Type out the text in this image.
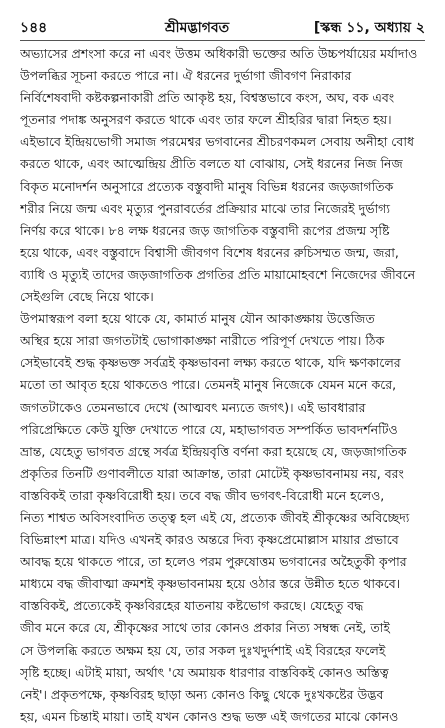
১৪৪	শ্রীমদ্ভাগবত	[স্কন্ধ ১১, অধ্যায় ২
অভ্যাসের প্রশংসা করে না এবং উত্তম অধিকারী ভক্তের অতি উচ্চপর্যায়ের মর্যাদাও
উপলব্ধির সূচনা করতে পারে না। ঐ ধরনের দুর্ভাগা জীবগণ নিরাকার
নির্বিশেষবাদী কষ্টকল্পনাকারী প্রতি আকৃষ্ট হয়, বিশ্বস্তভাবে কংস, অঘ, বক এবং
পূতনার পদাঙ্ক অনুসরণ করতে থাকে এবং তার ফলে শ্রীহরির দ্বারা নিহত হয়।
এইভাবে ইন্দ্রিয়ভোগী সমাজ পরমেশ্বর ভগবানের শ্রীচরণকমল সেবায় অনীহা বোধ
করতে থাকে, এবং আত্মেন্দ্রিয় প্রীতি বলতে যা বোঝায়, সেই ধরনের নিজ নিজ
বিকৃত মনোদর্শন অনুসারে প্রত্যেক বস্তুবাদী মানুষ বিভিন্ন ধরনের জড়জাগতিক
শরীর নিয়ে জন্ম এবং মৃত্যুর পুনরাবর্তের প্রক্রিয়ার মাঝে তার নিজেরই দুর্ভাগ্য
নির্ণয় করে থাকে। ৮৪ লক্ষ ধরনের জড় জাগতিক বস্তুবাদী রূপের প্রজন্ম সৃষ্টি
হয়ে থাকে, এবং বস্তুবাদে বিশ্বাসী জীবগণ বিশেষ ধরনের রুচিসম্মত জন্ম, জরা,
ব্যাধি ও মৃত্যুই তাদের জড়জাগতিক প্রগতির প্রতি মায়ামোহবশে নিজেদের জীবনে
সেইগুলি বেছে নিয়ে থাকে।
উপমাস্বরূপ বলা হয়ে থাকে যে, কামার্ত মানুষ যৌন আকাঙ্ক্ষায় উত্তেজিত
অস্থির হয়ে সারা জগতটাই ভোগাকাঙ্ক্ষা নারীতে পরিপূর্ণ দেখতে পায়। ঠিক
সেইভাবেই শুদ্ধ কৃষ্ণভক্ত সর্বত্রই কৃষ্ণভাবনা লক্ষ্য করতে থাকে, যদি ক্ষণকালের
মতো তা আবৃত হয়ে থাকতেও পারে। তেমনই মানুষ নিজেকে যেমন মনে করে,
জগতটাকেও তেমনভাবে দেখে (আত্মবৎ মন্যতে জগৎ)। এই ভাবধারার
পরিপ্রেক্ষিতে কেউ যুক্তি দেখাতে পারে যে, মহাভাগবত সম্পর্কিত ভাবদর্শনটিও
ভ্রান্ত, যেহেতু ভাগবত গ্রন্থে সর্বত্র ইন্দ্রিয়বৃত্তি বর্ণনা করা হয়েছে যে, জড়জাগতিক
প্রকৃতির তিনটি গুণাবলীতে যারা আক্রান্ত, তারা মোটেই কৃষ্ণভাবনাময় নয়, বরং
বাস্তবিকই তারা কৃষ্ণবিরোধী হয়। তবে বদ্ধ জীব ভগবৎ-বিরোধী মনে হলেও,
নিত্য শাশ্বত অবিসংবাদিত তত্ত্ব হল এই যে, প্রত্যেক জীবই শ্রীকৃষ্ণের অবিচ্ছেদ্য
বিভিন্নাংশ মাত্র। যদিও এখনই কারও অন্তরে দিব্য কৃষ্ণপ্রেমোল্লাস মায়ার প্রভাবে
আবদ্ধ হয়ে থাকতে পারে, তা হলেও পরম পুরুষোত্তম ভগবানের অহৈতুকী কৃপার
মাধ্যমে বদ্ধ জীবাত্মা ক্রমশই কৃষ্ণভাবনাময় হয়ে ওঠার স্তরে উন্নীত হতে থাকবে।
বাস্তবিকই, প্রত্যেকেই কৃষ্ণবিরহের যাতনায় কষ্টভোগ করছে। যেহেতু বদ্ধ
জীব মনে করে যে, শ্রীকৃষ্ণের সাথে তার কোনও প্রকার নিত্য সম্বন্ধ নেই, তাই
সে উপলব্ধি করতে অক্ষম হয় যে, তার সকল দুঃখদুর্দশাই এই বিরহের ফলেই
সৃষ্টি হচ্ছে। এটাই মায়া, অর্থাৎ 'যে অমায়ক ধারণার বাস্তবিকই কোনও অস্তিত্ব
নেই'। প্রকৃতপক্ষে, কৃষ্ণবিরহ ছাড়া অন্য কোনও কিছু থেকে দুঃখকষ্টের উদ্ভব
হয়, এমন চিন্তাই মায়া। তাই যখন কোনও শুদ্ধ ভক্ত এই জগতের মাঝে কোনও
